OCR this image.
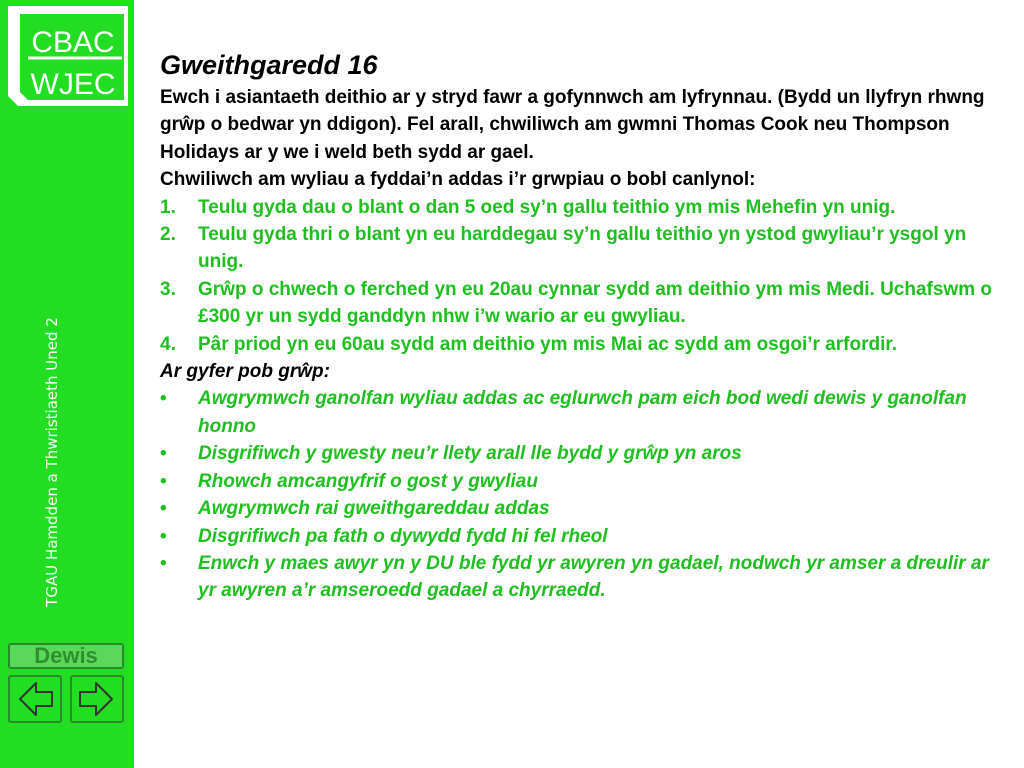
CBAC
WJEC
TGAU Hamdden a Thwristiaeth Uned 2
Dewis
Gweithgaredd 16
Ewch i asiantaeth deithio ar y stryd fawr a gofynnwch am lyfrynnau. (Bydd un llyfryn rhwng grŵp o bedwar yn ddigon). Fel arall, chwiliwch am gwmni Thomas Cook neu Thompson Holidays ar y we i weld beth sydd ar gael.
Chwiliwch am wyliau a fyddai’n addas i’r grwpiau o bobl canlynol:
1. Teulu gyda dau o blant o dan 5 oed sy’n gallu teithio ym mis Mehefin yn unig.
2. Teulu gyda thri o blant yn eu harddegau sy’n gallu teithio yn ystod gwyliau’r ysgol yn unig.
3. Grŵp o chwech o ferched yn eu 20au cynnar sydd am deithio ym mis Medi. Uchafswm o £300 yr un sydd ganddyn nhw i’w wario ar eu gwyliau.
4. Pâr priod yn eu 60au sydd am deithio ym mis Mai ac sydd am osgoi’r arfordir.
Ar gyfer pob grŵp:
• Awgrymwch ganolfan wyliau addas ac eglurwch pam eich bod wedi dewis y ganolfan honno
• Disgrifiwch y gwesty neu’r llety arall lle bydd y grŵp yn aros
• Rhowch amcangyfrif o gost y gwyliau
• Awgrymwch rai gweithgareddau addas
• Disgrifiwch pa fath o dywydd fydd hi fel rheol
• Enwch y maes awyr yn y DU ble fydd yr awyren yn gadael, nodwch yr amser a dreulir ar yr awyren a’r amseroedd gadael a chyrraedd.
